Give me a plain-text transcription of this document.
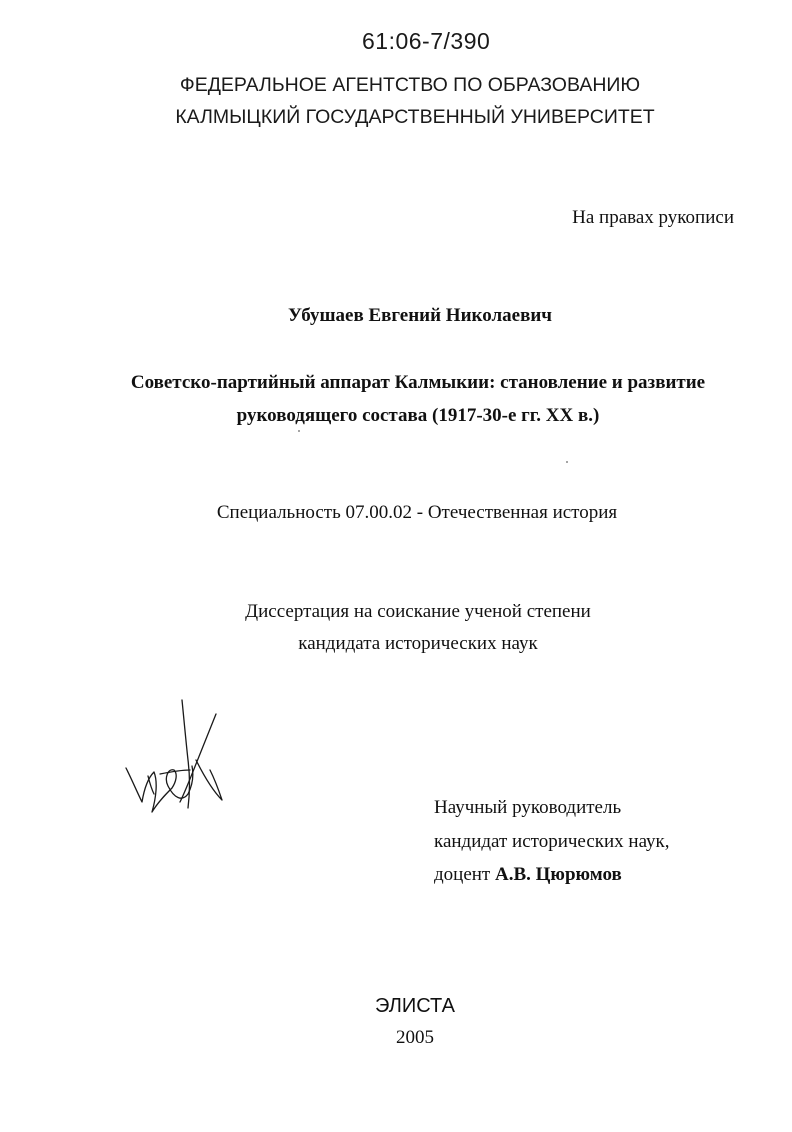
61:06-7/390
ФЕДЕРАЛЬНОЕ АГЕНТСТВО ПО ОБРАЗОВАНИЮ
КАЛМЫЦКИЙ ГОСУДАРСТВЕННЫЙ УНИВЕРСИТЕТ
На правах рукописи
Убушаев Евгений Николаевич
Советско-партийный аппарат Калмыкии: становление и развитие
руководящего состава (1917-30-е гг. XX в.)
Специальность 07.00.02 - Отечественная история
Диссертация на соискание ученой степени
кандидата исторических наук
Научный руководитель
кандидат исторических наук,
доцент А.В. Цюрюмов
ЭЛИСТА
2005
